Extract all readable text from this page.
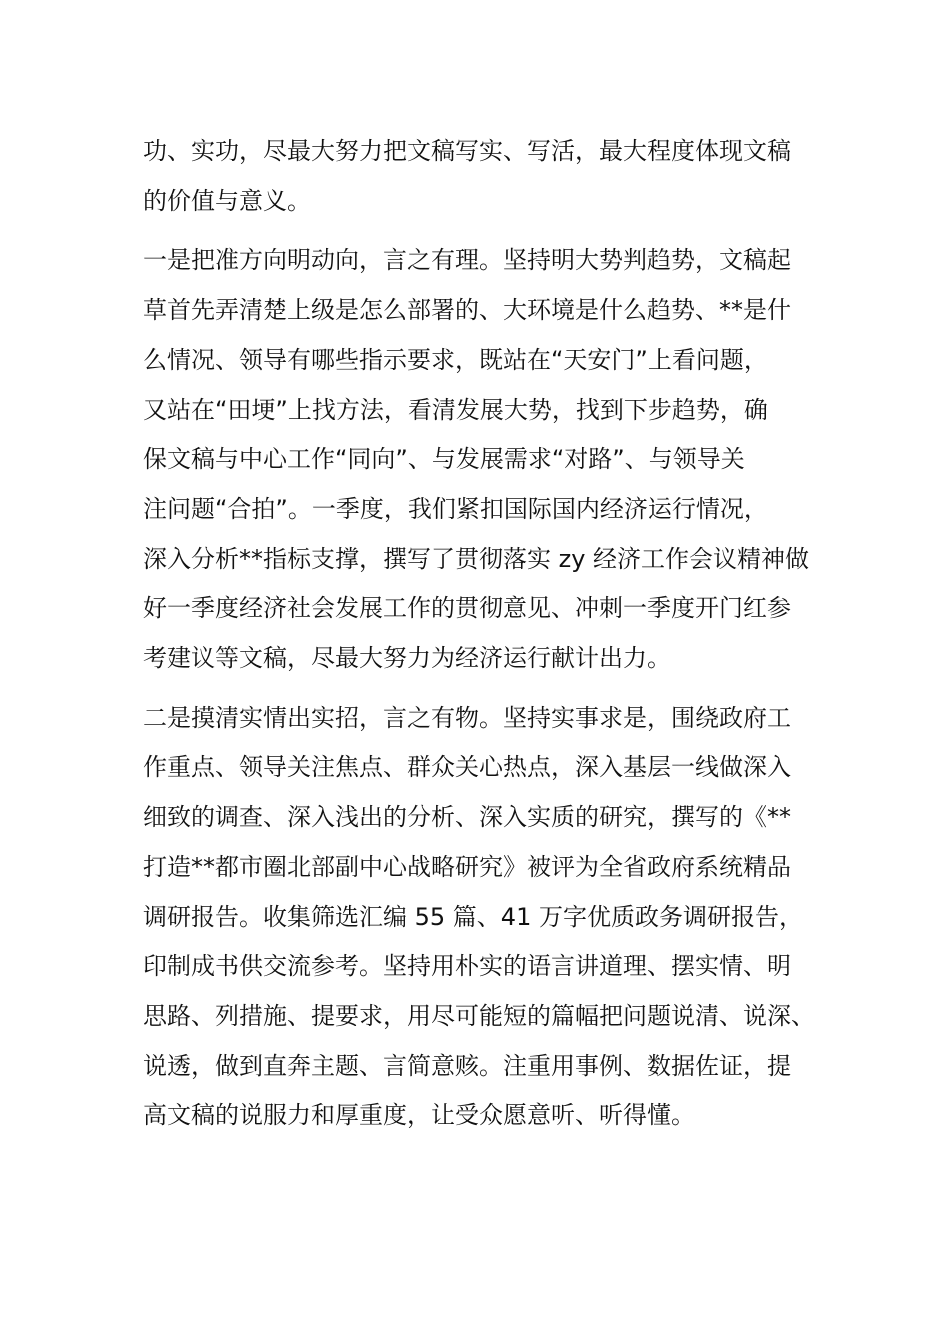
功、实功，尽最大努力把文稿写实、写活，最大程度体现文稿
的价值与意义。
一是把准方向明动向，言之有理。坚持明大势判趋势，文稿起
草首先弄清楚上级是怎么部署的、大环境是什么趋势、**是什
么情况、领导有哪些指示要求，既站在“天安门”上看问题，
又站在“田埂”上找方法，看清发展大势，找到下步趋势，确
保文稿与中心工作“同向”、与发展需求“对路”、与领导关
注问题“合拍”。一季度，我们紧扣国际国内经济运行情况，
深入分析**指标支撑，撰写了贯彻落实 zy 经济工作会议精神做
好一季度经济社会发展工作的贯彻意见、冲刺一季度开门红参
考建议等文稿，尽最大努力为经济运行献计出力。
二是摸清实情出实招，言之有物。坚持实事求是，围绕政府工
作重点、领导关注焦点、群众关心热点，深入基层一线做深入
细致的调查、深入浅出的分析、深入实质的研究，撰写的《**
打造**都市圈北部副中心战略研究》被评为全省政府系统精品
调研报告。收集筛选汇编 55 篇、41 万字优质政务调研报告，
印制成书供交流参考。坚持用朴实的语言讲道理、摆实情、明
思路、列措施、提要求，用尽可能短的篇幅把问题说清、说深、
说透，做到直奔主题、言简意赅。注重用事例、数据佐证，提
高文稿的说服力和厚重度，让受众愿意听、听得懂。
